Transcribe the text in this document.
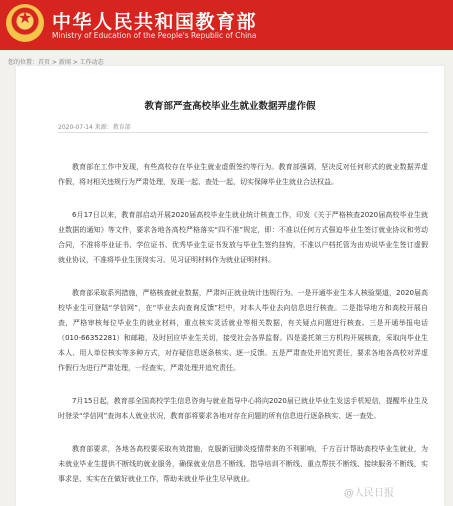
★	中华人民共和国教育部
Ministry of Education of the People's Republic of China
您的位置：首页 > 新闻 > 工作动态
教育部严查高校毕业生就业数据弄虚作假
2020-07-14 来源：教育部

教育部在工作中发现，有些高校存在毕业生就业虚假签约等行为。教育部强调，坚决反对任何形式的就业数据弄虚作假，将对相关违规行为严肃处理，发现一起、查处一起，切实保障毕业生就业合法权益。

6月17日以来，教育部启动开展2020届高校毕业生就业统计核查工作，印发《关于严格核查2020届高校毕业生就业数据的通知》等文件，要求各地各高校严格落实“四不准”规定，即：不准以任何方式强迫毕业生签订就业协议和劳动合同，不准将毕业证书、学位证书、优秀毕业生证书发放与毕业生签约挂钩，不准以户档托管为由劝说毕业生签订虚假就业协议，不准将毕业生顶岗实习、见习证明材料作为就业证明材料。

教育部采取系列措施，严格核查就业数据，严肃纠正就业统计违规行为。一是开通毕业生本人核验渠道，2020届高校毕业生可登陆“学信网”，在“毕业去向查询反馈”栏中，对本人毕业去向信息进行核查。二是指导地方和高校开展自查，严格审核每位毕业生的就业材料，重点核实灵活就业等相关数据，有关疑点问题进行核查。三是开通举报电话（010-66352281）和邮箱，及时回应毕业生关切，接受社会各界监督。四是委托第三方机构开展核查，采取向毕业生本人、用人单位核实等多种方式，对存疑信息逐条核实、逐一反馈。五是严肃查处并追究责任，要求各地各高校对弄虚作假行为进行严肃处理，一经查实，严肃处理并追究责任。

7月15日起，教育部全国高校学生信息咨询与就业指导中心将向2020届已就业毕业生发送手机短信，提醒毕业生及时登录“学信网”查询本人就业状况，教育部将要求各地对存在问题的所有信息进行逐条核实、逐一查处。

教育部要求，各地各高校要采取有效措施，克服新冠肺炎疫情带来的不利影响，千方百计帮助高校毕业生就业，为未就业毕业生提供不断线的就业服务，确保就业信息不断线、指导培训不断线、重点帮扶不断线、接续服务不断线，实事求是、实实在在做好就业工作，帮助未就业毕业生尽早就业。

@人民日报
